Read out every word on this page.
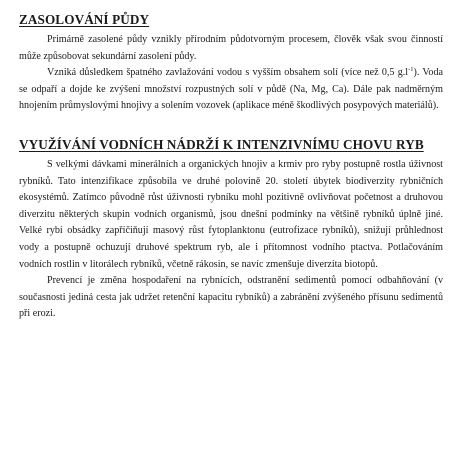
ZASOLOVÁNÍ PŮDY

Primárně zasolené půdy vznikly přírodním půdotvorným procesem, člověk však svou činností může způsobovat sekundární zasolení půdy.

Vzniká důsledkem špatného zavlažování vodou s vyšším obsahem solí (více než 0,5 $g.l^{-1}$). Voda se odpaří a dojde ke zvýšení množství rozpustných solí v půdě (Na, Mg, Ca). Dále pak nadměrným hnojením průmyslovými hnojivy a solením vozovek (aplikace méně škodlivých posypových materiálů).

VYUŽÍVÁNÍ VODNÍCH NÁDRŽÍ K INTENZIVNÍMU CHOVU RYB

S velkými dávkami minerálních a organických hnojiv a krmiv pro ryby postupně rostla úživnost rybníků. Tato intenzifikace způsobila ve druhé polovině 20. století úbytek biodiverzity rybničních ekosystémů. Zatímco původně růst úživnosti rybníku mohl pozitivně ovlivňovat početnost a druhovou diverzitu některých skupin vodních organismů, jsou dnešní podmínky na většině rybníků úplně jiné. Velké rybí obsádky zapříčiňují masový růst fytoplanktonu (eutrofizace rybníků), snižují průhlednost vody a postupně ochuzují druhové spektrum ryb, ale i přítomnost vodního ptactva. Potlačováním vodních rostlin v litorálech rybníků, včetně rákosin, se navíc zmenšuje diverzita biotopů.

Prevencí je změna hospodaření na rybnících, odstranění sedimentů pomocí odbahňování (v současnosti jediná cesta jak udržet retenční kapacitu rybníků) a zabránění zvýšeného přísunu sedimentů při erozi.
